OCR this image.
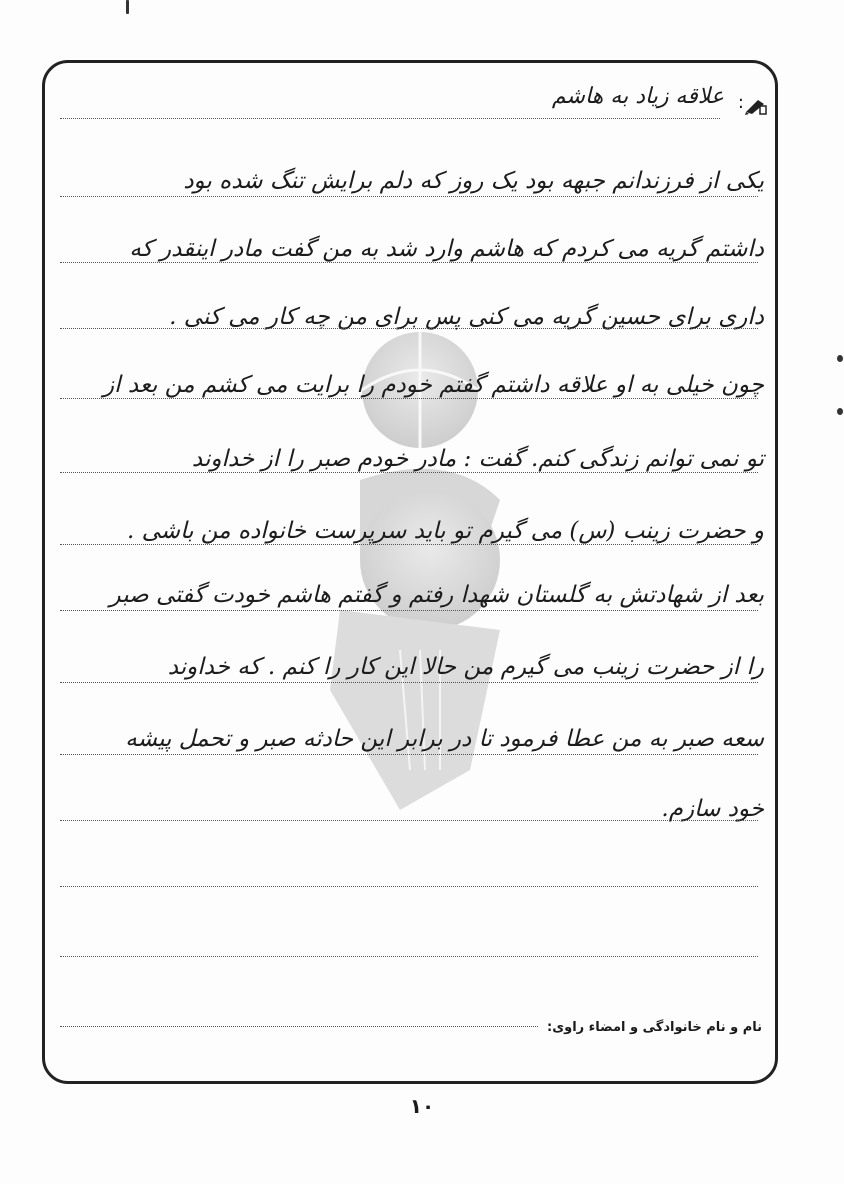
:
علاقه زیاد به هاشم
یکی از فرزندانم جبهه بود یک روز که دلم برایش تنگ شده بود
داشتم گریه می کردم که هاشم وارد شد به من گفت مادر اینقدر که
داری برای حسین گریه می کنی پس برای من چه کار می کنی .
چون خیلی به او علاقه داشتم گفتم خودم را برایت می کشم من بعد از
تو نمی توانم زندگی کنم. گفت : مادر خودم صبر را از خداوند
و حضرت زینب (س) می گیرم تو باید سرپرست خانواده من باشی .
بعد از شهادتش به گلستان شهدا رفتم و گفتم هاشم خودت گفتی صبر
را از حضرت زینب می گیرم من حالا این کار را کنم . که خداوند
سعه صبر به من عطا فرمود تا در برابر این حادثه صبر و تحمل پیشه
خود سازم.
نام و نام خانوادگی و امضاء راوی:
۱۰
